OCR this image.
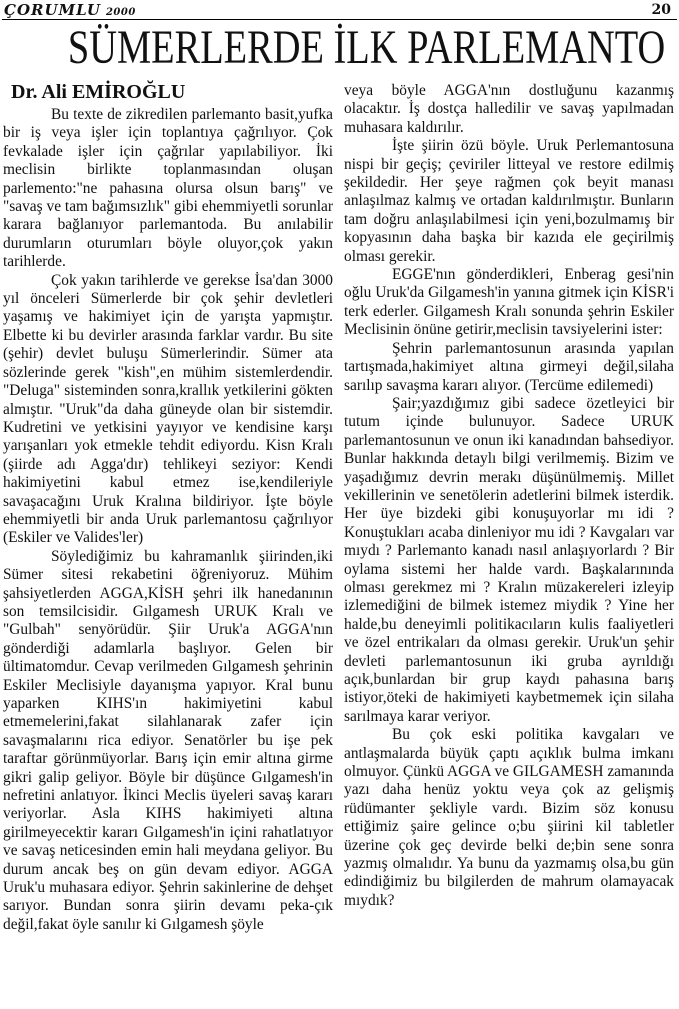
ÇORUMLU 2000	20
SÜMERLERDE İLK PARLEMANTO
Dr. Ali EMİROĞLU

Bu texte de zikredilen parlemanto basit,yufka bir iş veya işler için toplantıya çağrılıyor. Çok fevkalade işler için çağrılar yapılabiliyor. İki meclisin birlikte toplanmasından oluşan parlemento:"ne pahasına olursa olsun barış" ve "savaş ve tam bağımsızlık" gibi ehemmiyetli sorunlar karara bağlanıyor parlemantoda. Bu anılabilir durumların oturumları böyle oluyor,çok yakın tarihlerde.

Çok yakın tarihlerde ve gerekse İsa'dan 3000 yıl önceleri Sümerlerde bir çok şehir devletleri yaşamış ve hakimiyet için de yarışta yapmıştır. Elbette ki bu devirler arasında farklar vardır. Bu site (şehir) devlet buluşu Sümerlerindir. Sümer ata sözlerinde gerek "kish",en mühim sistemlerdendir. "Deluga" sisteminden sonra,krallık yetkilerini gökten almıştır. "Uruk"da daha güneyde olan bir sistemdir. Kudretini ve yetkisini yayıyor ve kendisine karşı yarışanları yok etmekle tehdit ediyordu. Kisn Kralı (şiirde adı Agga'dır) tehlikeyi seziyor: Kendi hakimiyetini kabul etmez ise,kendileriyle savaşacağını Uruk Kralına bildiriyor. İşte böyle ehemmiyetli bir anda Uruk parlemantosu çağrılıyor (Eskiler ve Valides'ler)

Söylediğimiz bu kahramanlık şiirinden,iki Sümer sitesi rekabetini öğreniyoruz. Mühim şahsiyetlerden AGGA,KİSH şehri ilk hanedanının son temsilcisidir. Gılgamesh URUK Kralı ve "Gulbah" senyörüdür. Şiir Uruk'a AGGA'nın gönderdiği adamlarla başlıyor. Gelen bir ültimatomdur. Cevap verilmeden Gılgamesh şehrinin Eskiler Meclisiyle dayanışma yapıyor. Kral bunu yaparken KIHS'ın hakimiyetini kabul etmemelerini,fakat silahlanarak zafer için savaşmalarını rica ediyor. Senatörler bu işe pek taraftar görünmüyorlar. Barış için emir altına girme gikri galip geliyor. Böyle bir düşünce Gılgamesh'in nefretini anlatıyor. İkinci Meclis üyeleri savaş kararı veriyorlar. Asla KIHS hakimiyeti altına girilmeyecektir kararı Gılgamesh'in içini rahatlatıyor ve savaş neticesinden emin hali meydana geliyor. Bu durum ancak beş on gün devam ediyor. AGGA Uruk'u muhasara ediyor. Şehrin sakinlerine de dehşet sarıyor. Bundan sonra şiirin devamı peka-çık değil,fakat öyle sanılır ki Gılgamesh şöyle

veya böyle AGGA'nın dostluğunu kazanmış olacaktır. İş dostça halledilir ve savaş yapılmadan muhasara kaldırılır.

İşte şiirin özü böyle. Uruk Perlemantosuna nispi bir geçiş; çeviriler litteyal ve restore edilmiş şekildedir. Her şeye rağmen çok beyit manası anlaşılmaz kalmış ve ortadan kaldırılmıştır. Bunların tam doğru anlaşılabilmesi için yeni,bozulmamış bir kopyasının daha başka bir kazıda ele geçirilmiş olması gerekir.

EGGE'nın gönderdikleri, Enberag gesi'nin oğlu Uruk'da Gilgamesh'in yanına gitmek için KİSR'i terk ederler. Gilgamesh Kralı sonunda şehrin Eskiler Meclisinin önüne getirir,meclisin tavsiyelerini ister:

Şehrin parlemantosunun arasında yapılan tartışmada,hakimiyet altına girmeyi değil,silaha sarılıp savaşma kararı alıyor. (Tercüme edilemedi)

Şair;yazdığımız gibi sadece özetleyici bir tutum içinde bulunuyor. Sadece URUK parlemantosunun ve onun iki kanadından bahsediyor. Bunlar hakkında detaylı bilgi verilmemiş. Bizim ve yaşadığımız devrin merakı düşünülmemiş. Millet vekillerinin ve senetölerin adetlerini bilmek isterdik. Her üye bizdeki gibi konuşuyorlar mı idi ? Konuştukları acaba dinleniyor mu idi ? Kavgaları var mıydı ? Parlemanto kanadı nasıl anlaşıyorlardı ? Bir oylama sistemi her halde vardı. Başkalarınında olması gerekmez mi ? Kralın müzakereleri izleyip izlemediğini de bilmek istemez miydik ? Yine her halde,bu deneyimli politikacıların kulis faaliyetleri ve özel entrikaları da olması gerekir. Uruk'un şehir devleti parlemantosunun iki gruba ayrıldığı açık,bunlardan bir grup kaydı pahasına barış istiyor,öteki de hakimiyeti kaybetmemek için silaha sarılmaya karar veriyor.

Bu çok eski politika kavgaları ve antlaşmalarda büyük çaptı açıklık bulma imkanı olmuyor. Çünkü AGGA ve GILGAMESH zamanında yazı daha henüz yoktu veya çok az gelişmiş rüdümanter şekliyle vardı. Bizim söz konusu ettiğimiz şaire gelince o;bu şiirini kil tabletler üzerine çok geç devirde belki de;bin sene sonra yazmış olmalıdır. Ya bunu da yazmamış olsa,bu gün edindiğimiz bu bilgilerden de mahrum olamayacak mıydık?
